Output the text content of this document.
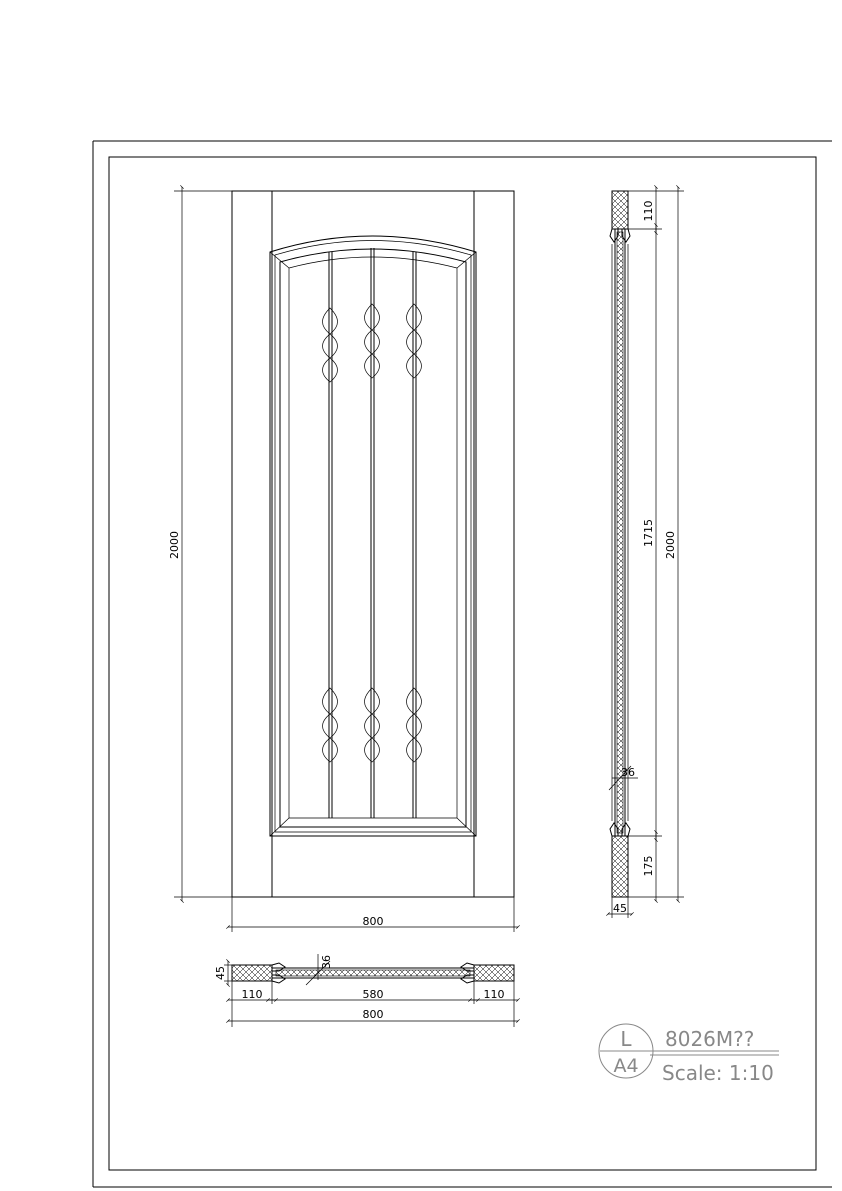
2000
800
110
1715 2000
175
36
45
45
36
110	580	110
800
L
A4
8026M??
Scale: 1:10
